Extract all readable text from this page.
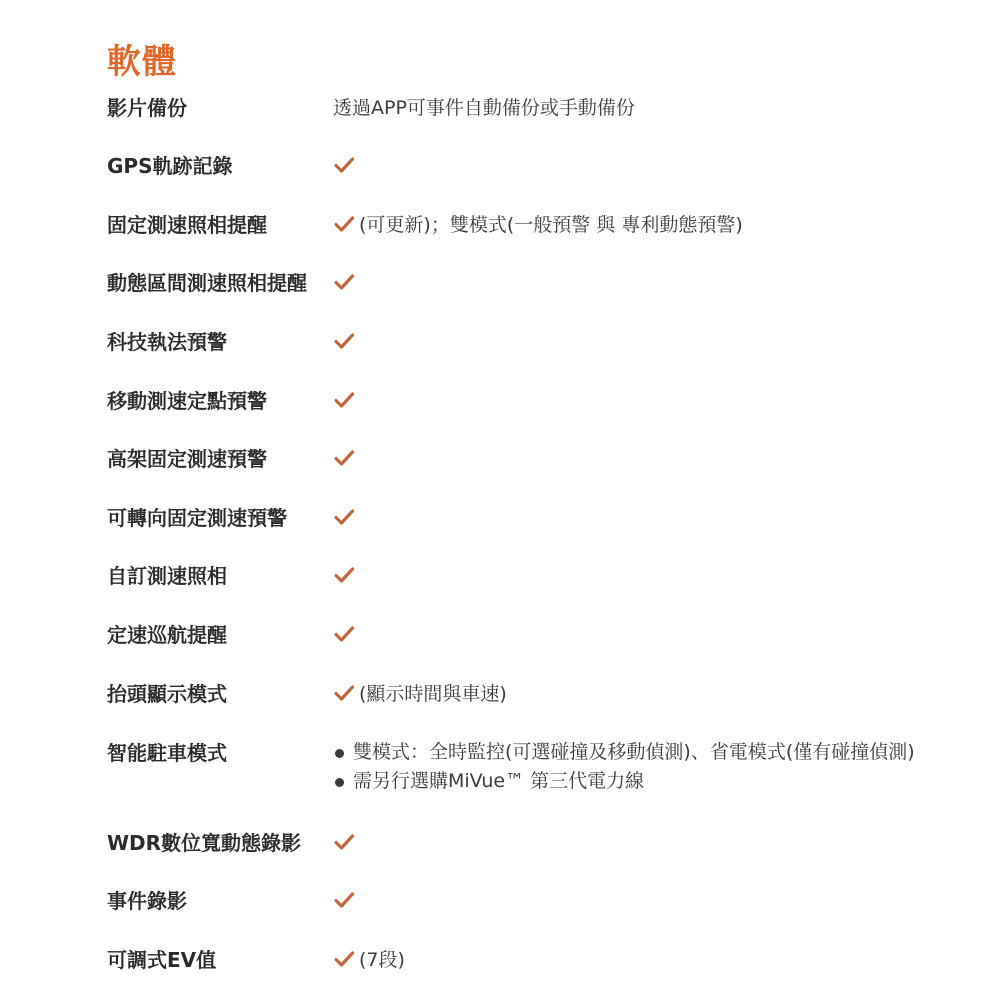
軟體
影片備份	透過APP可事件自動備份或手動備份
GPS軌跡記錄
固定測速照相提醒	(可更新)；雙模式(一般預警 與 專利動態預警)
動態區間測速照相提醒
科技執法預警
移動測速定點預警
高架固定測速預警
可轉向固定測速預警
自訂測速照相
定速巡航提醒
抬頭顯示模式	(顯示時間與車速)
智能駐車模式	雙模式：全時監控(可選碰撞及移動偵測)、省電模式(僅有碰撞偵測)
需另行選購MiVue™ 第三代電力線
WDR數位寬動態錄影
事件錄影
可調式EV值	(7段)
